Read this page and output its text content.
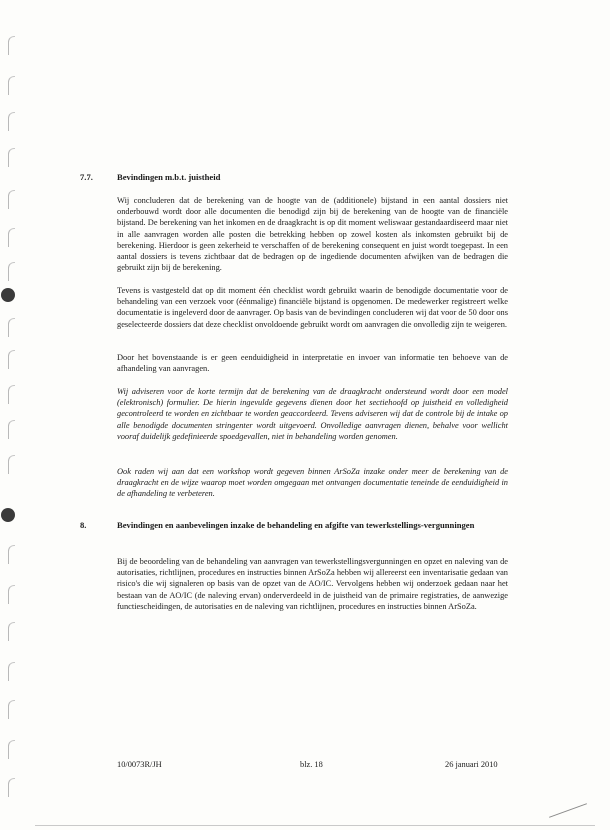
7.7.	Bevindingen m.b.t. juistheid

Wij concluderen dat de berekening van de hoogte van de (additionele) bijstand in een aantal dossiers niet onderbouwd wordt door alle documenten die benodigd zijn bij de berekening van de hoogte van de financiële bijstand. De berekening van het inkomen en de draagkracht is op dit moment weliswaar gestandaardiseerd maar niet in alle aanvragen worden alle posten die betrekking hebben op zowel kosten als inkomsten gebruikt bij de berekening. Hierdoor is geen zekerheid te verschaffen of de berekening consequent en juist wordt toegepast. In een aantal dossiers is tevens zichtbaar dat de bedragen op de ingediende documenten afwijken van de bedragen die gebruikt zijn bij de berekening.

Tevens is vastgesteld dat op dit moment één checklist wordt gebruikt waarin de benodigde documentatie voor de behandeling van een verzoek voor (éénmalige) financiële bijstand is opgenomen. De medewerker registreert welke documentatie is ingeleverd door de aanvrager. Op basis van de bevindingen concluderen wij dat voor de 50 door ons geselecteerde dossiers dat deze checklist onvoldoende gebruikt wordt om aanvragen die onvolledig zijn te weigeren.

Door het bovenstaande is er geen eenduidigheid in interpretatie en invoer van informatie ten behoeve van de afhandeling van aanvragen.

Wij adviseren voor de korte termijn dat de berekening van de draagkracht ondersteund wordt door een model (elektronisch) formulier. De hierin ingevulde gegevens dienen door het sectiehoofd op juistheid en volledigheid gecontroleerd te worden en zichtbaar te worden geaccordeerd. Tevens adviseren wij dat de controle bij de intake op alle benodigde documenten stringenter wordt uitgevoerd. Onvolledige aanvragen dienen, behalve voor wellicht vooraf duidelijk gedefinieerde spoedgevallen, niet in behandeling worden genomen.

Ook raden wij aan dat een workshop wordt gegeven binnen ArSoZa inzake onder meer de berekening van de draagkracht en de wijze waarop moet worden omgegaan met ontvangen documentatie teneinde de eenduidigheid in de afhandeling te verbeteren.

8.	Bevindingen en aanbevelingen inzake de behandeling en afgifte van tewerkstellings-vergunningen

Bij de beoordeling van de behandeling van aanvragen van tewerkstellingsvergunningen en opzet en naleving van de autorisaties, richtlijnen, procedures en instructies binnen ArSoZa hebben wij allereerst een inventarisatie gedaan van risico's die wij signaleren op basis van de opzet van de AO/IC. Vervolgens hebben wij onderzoek gedaan naar het bestaan van de AO/IC (de naleving ervan) onderverdeeld in de juistheid van de primaire registraties, de aanwezige functiescheidingen, de autorisaties en de naleving van richtlijnen, procedures en instructies binnen ArSoZa.

10/0073R/JH	blz. 18	26 januari 2010
